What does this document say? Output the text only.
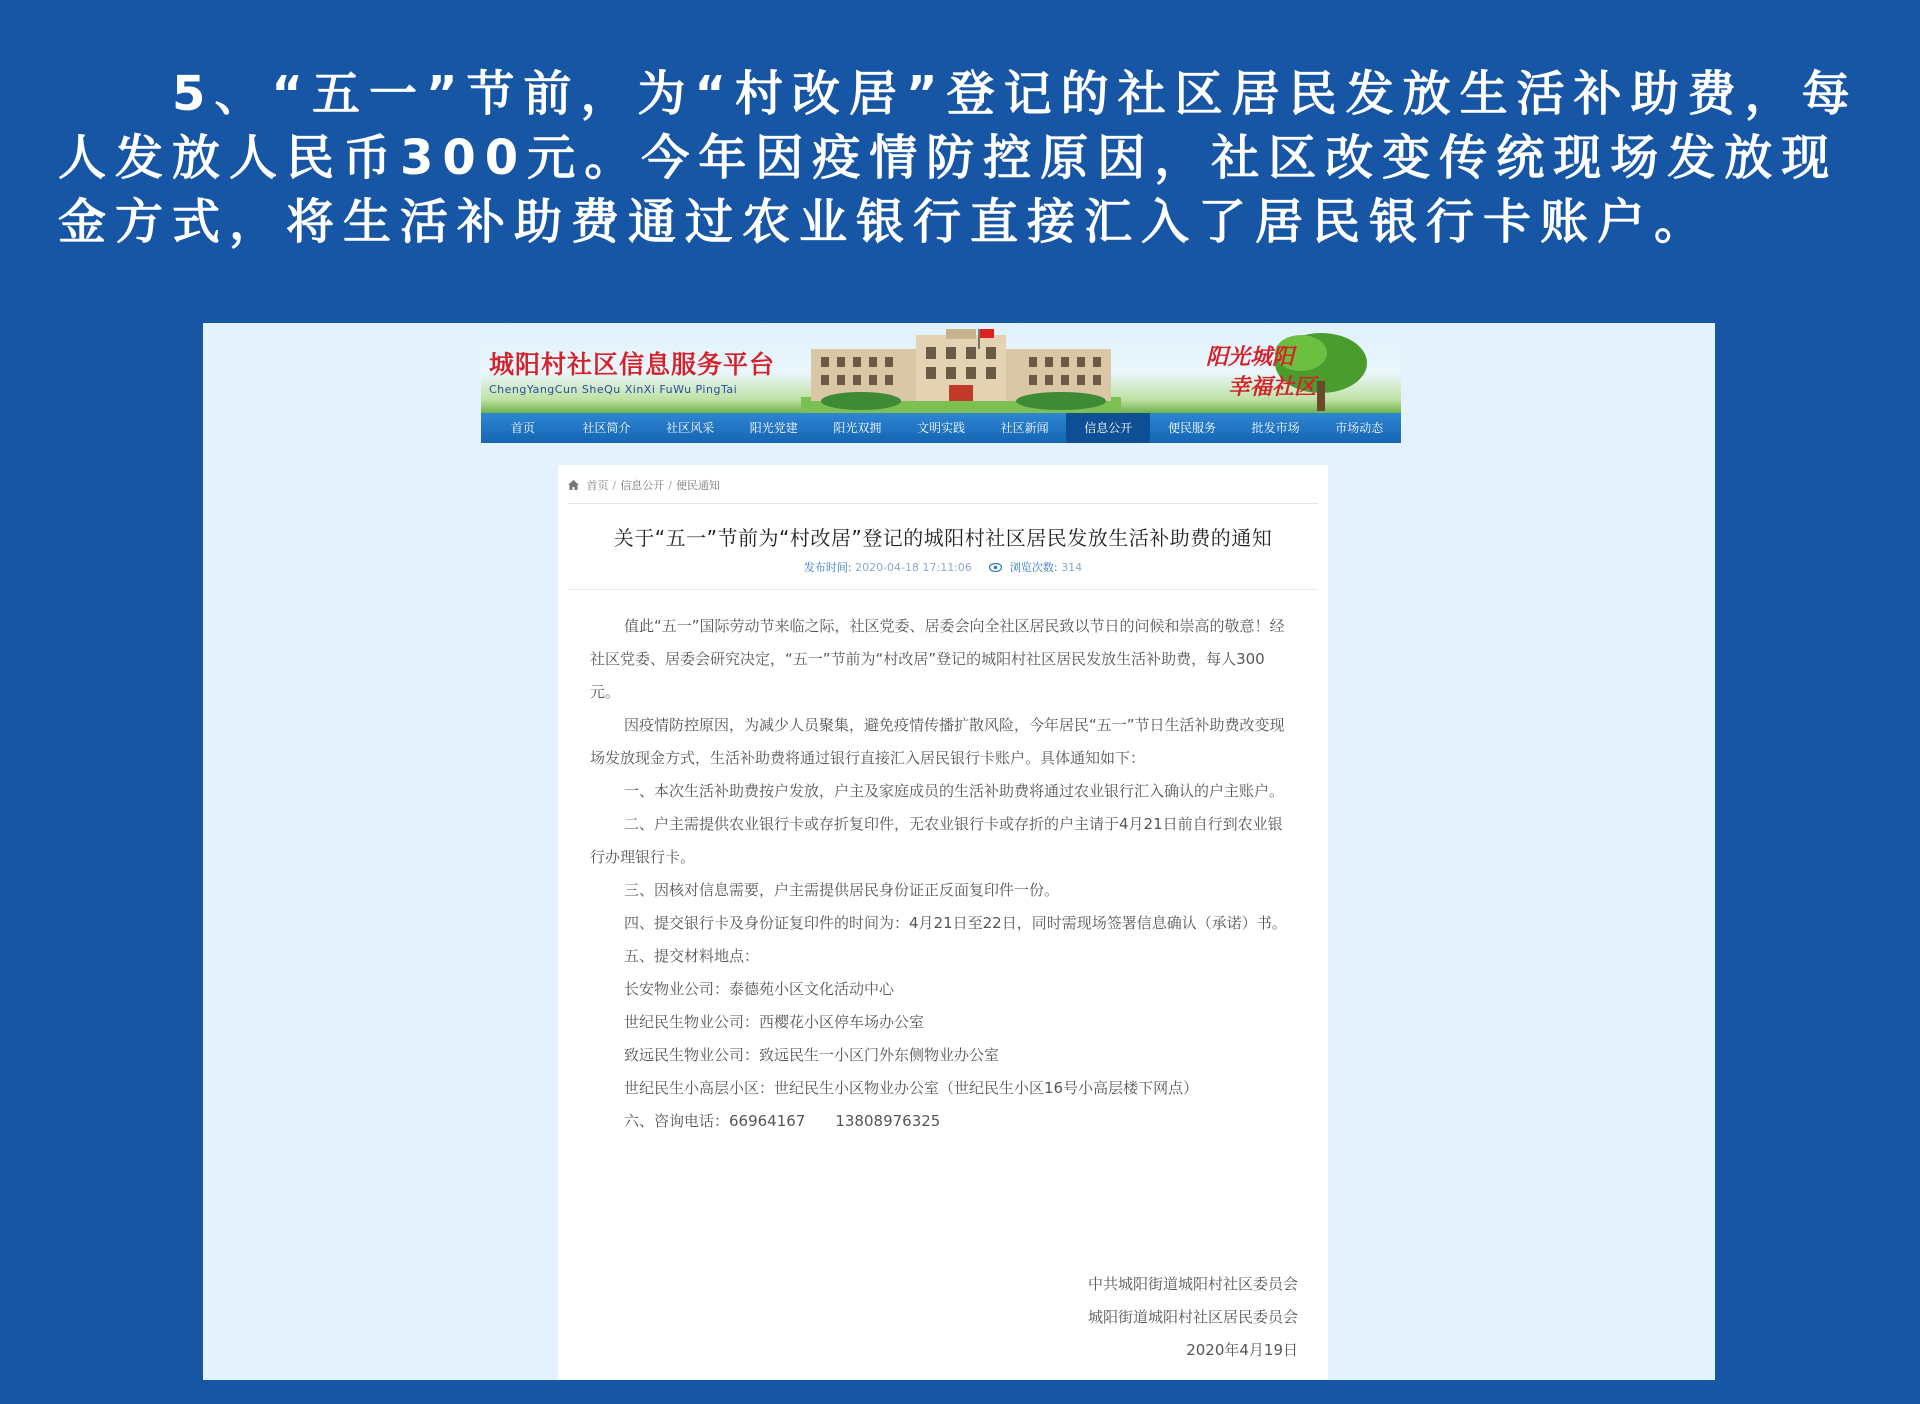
　　5、“五一”节前，为“村改居”登记的社区居民发放生活补助费，每人发放人民币300元。今年因疫情防控原因，社区改变传统现场发放现金方式，将生活补助费通过农业银行直接汇入了居民银行卡账户。

城阳村社区信息服务平台
ChengYangCun SheQu XinXi FuWu PingTai
阳光城阳
幸福社区
首页	社区简介	社区风采	阳光党建	阳光双拥	文明实践	社区新闻	信息公开	便民服务	批发市场	市场动态
首页 / 信息公开 / 便民通知
关于“五一”节前为“村改居”登记的城阳村社区居民发放生活补助费的通知
发布时间: 2020-04-18 17:11:06	浏览次数: 314

值此“五一”国际劳动节来临之际，社区党委、居委会向全社区居民致以节日的问候和崇高的敬意！经社区党委、居委会研究决定，“五一”节前为“村改居”登记的城阳村社区居民发放生活补助费，每人300元。

因疫情防控原因，为减少人员聚集，避免疫情传播扩散风险，今年居民“五一”节日生活补助费改变现场发放现金方式，生活补助费将通过银行直接汇入居民银行卡账户。具体通知如下：

一、本次生活补助费按户发放，户主及家庭成员的生活补助费将通过农业银行汇入确认的户主账户。

二、户主需提供农业银行卡或存折复印件，无农业银行卡或存折的户主请于4月21日前自行到农业银行办理银行卡。

三、因核对信息需要，户主需提供居民身份证正反面复印件一份。

四、提交银行卡及身份证复印件的时间为：4月21日至22日，同时需现场签署信息确认（承诺）书。

五、提交材料地点：

长安物业公司：泰德苑小区文化活动中心

世纪民生物业公司：西樱花小区停车场办公室

致远民生物业公司：致远民生一小区门外东侧物业办公室

世纪民生小高层小区：世纪民生小区物业办公室（世纪民生小区16号小高层楼下网点）

六、咨询电话：66964167　　13808976325

中共城阳街道城阳村社区委员会
城阳街道城阳村社区居民委员会
2020年4月19日
